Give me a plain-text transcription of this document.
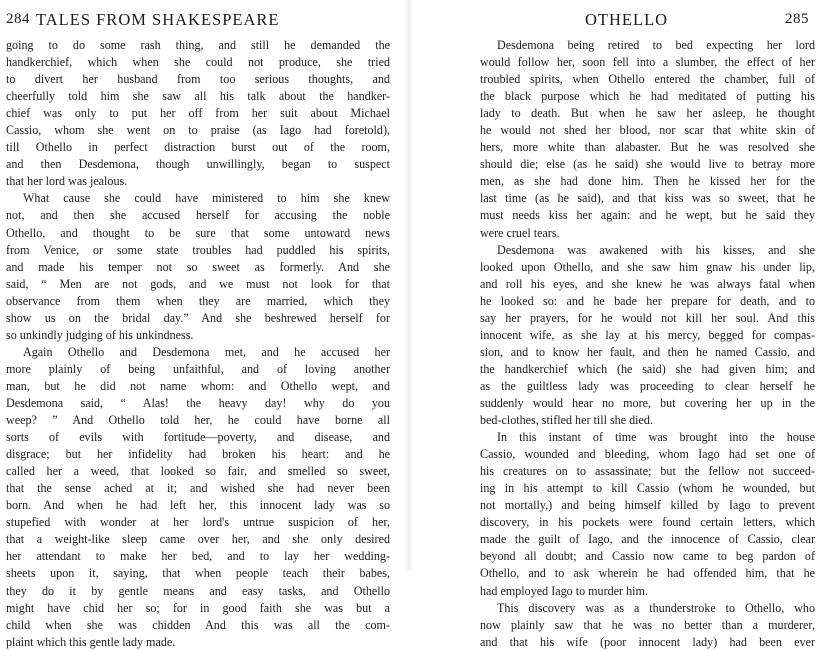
284 TALES FROM SHAKESPEARE
going to do some rash thing, and still he demanded the
handkerchief, which when she could not produce, she tried
to divert her husband from too serious thoughts, and
cheerfully told him she saw all his talk about the handker-
chief was only to put her off from her suit about Michael
Cassio, whom she went on to praise (as Iago had foretold),
till Othello in perfect distraction burst out of the room,
and then Desdemona, though unwillingly, began to suspect
that her lord was jealous.
What cause she could have ministered to him she knew
not, and then she accused herself for accusing the noble
Othello, and thought to be sure that some untoward news
from Venice, or some state troubles had puddled his spirits,
and made his temper not so sweet as formerly. And she
said, “ Men are not gods, and we must not look for that
observance from them when they are married, which they
show us on the bridal day.” And she beshrewed herself for
so unkindly judging of his unkindness.
Again Othello and Desdemona met, and he accused her
more plainly of being unfaithful, and of loving another
man, but he did not name whom: and Othello wept, and
Desdemona said, “ Alas! the heavy day! why do you
weep? ” And Othello told her, he could have borne all
sorts of evils with fortitude—poverty, and disease, and
disgrace; but her infidelity had broken his heart: and he
called her a weed, that looked so fair, and smelled so sweet,
that the sense ached at it; and wished she had never been
born. And when he had left her, this innocent lady was so
stupefied with wonder at her lord's untrue suspicion of her,
that a weight-like sleep came over her, and she only desired
her attendant to make her bed, and to lay her wedding-
sheets upon it, saying, that when people teach their babes,
they do it by gentle means and easy tasks, and Othello
might have chid her so; for in good faith she was but a
child when she was chidden And this was all the com-
plaint which this gentle lady made.
OTHELLO	285
Desdemona being retired to bed expecting her lord
would follow her, soon fell into a slumber, the effect of her
troubled spirits, when Othello entered the chamber, full of
the black purpose which he had meditated of putting his
lady to death. But when he saw her asleep, he thought
he would not shed her blood, nor scar that white skin of
hers, more white than alabaster. But he was resolved she
should die; else (as he said) she would live to betray more
men, as she had done him. Then he kissed her for the
last time (as he said), and that kiss was so sweet, that he
must needs kiss her again: and he wept, but he said they
were cruel tears.
Desdemona was awakened with his kisses, and she
looked upon Othello, and she saw him gnaw his under lip,
and roll his eyes, and she knew he was always fatal when
he looked so: and he bade her prepare for death, and to
say her prayers, for he would not kill her soul. And this
innocent wife, as she lay at his mercy, begged for compas-
sion, and to know her fault, and then he named Cassio, and
the handkerchief which (he said) she had given him; and
as the guiltless lady was proceeding to clear herself he
suddenly would hear no more, but covering her up in the
bed-clothes, stifled her till she died.
In this instant of time was brought into the house
Cassio, wounded and bleeding, whom Iago had set one of
his creatures on to assassinate; but the fellow not succeed-
ing in his attempt to kill Cassio (whom he wounded, but
not mortally,) and being himself killed by Iago to prevent
discovery, in his pockets were found certain letters, which
made the guilt of Iago, and the innocence of Cassio, clear
beyond all doubt; and Cassio now came to beg pardon of
Othello, and to ask wherein he had offended him, that he
had employed Iago to murder him.
This discovery was as a thunderstroke to Othello, who
now plainly saw that he was no better than a murderer,
and that his wife (poor innocent lady) had been ever
